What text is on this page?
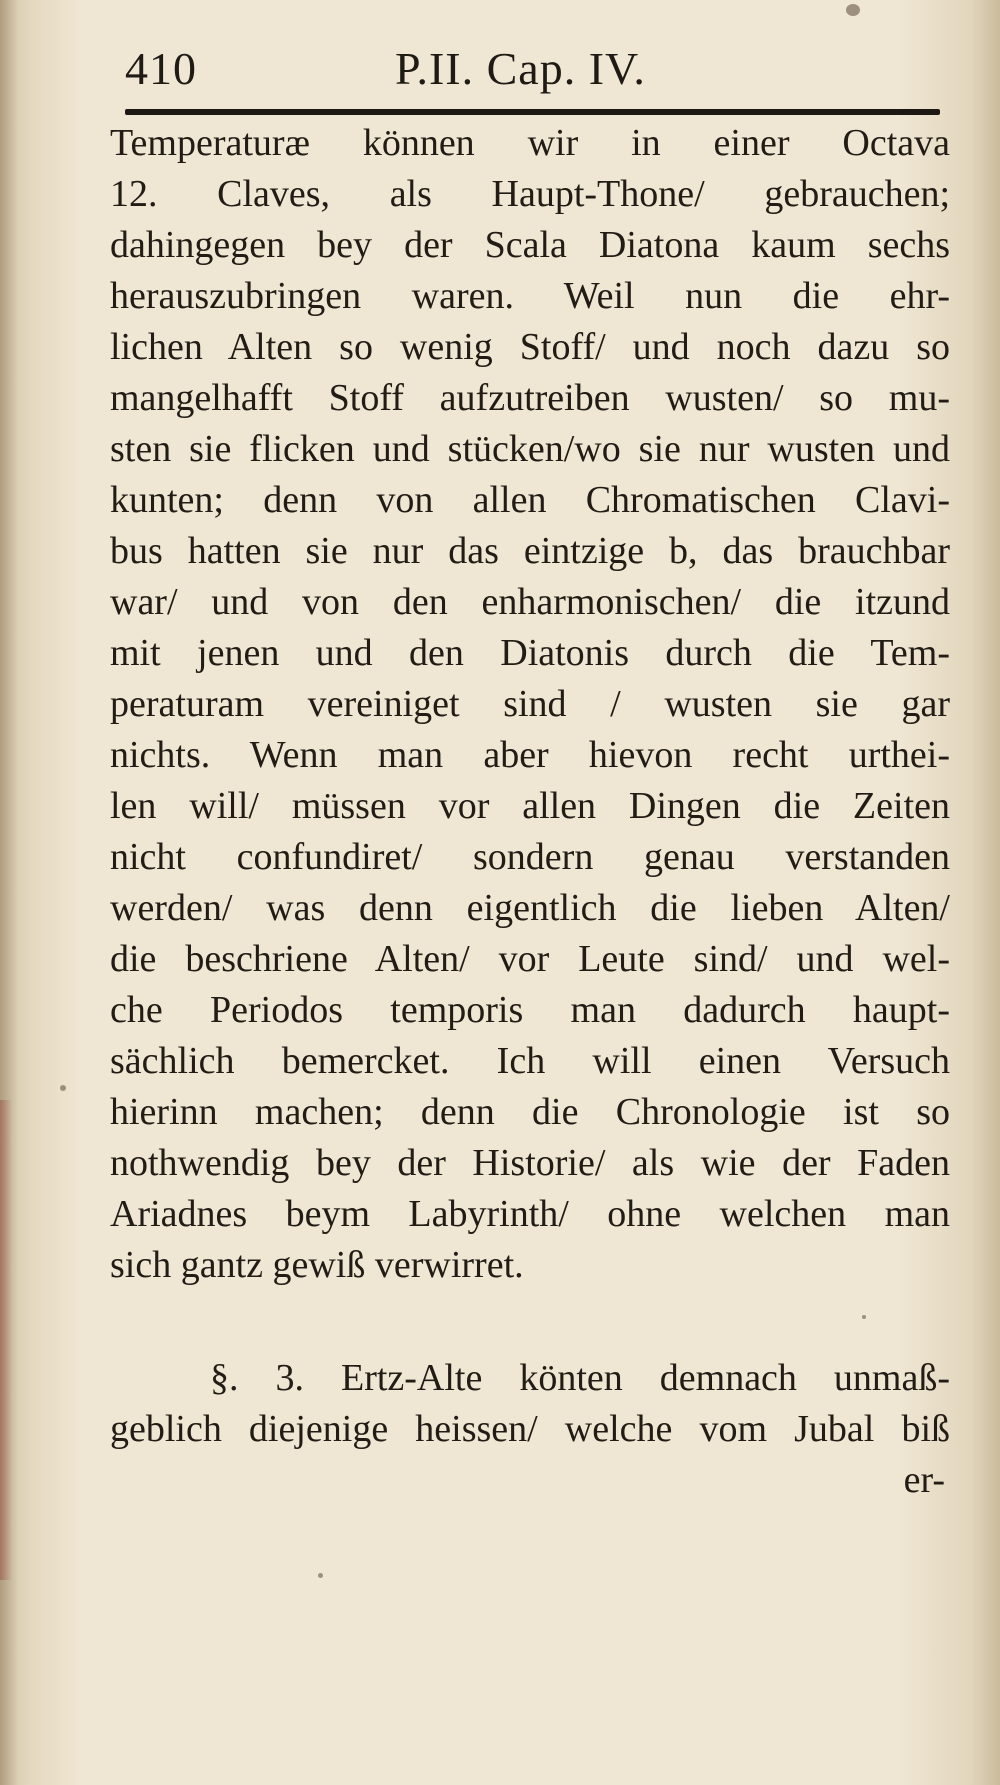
410	P.II. Cap. IV.
Temperaturæ können wir in einer Octava
12. Claves, als Haupt-Thone/ gebrauchen;
dahingegen bey der Scala Diatona kaum sechs
herauszubringen waren. Weil nun die ehr-
lichen Alten so wenig Stoff/ und noch dazu so
mangelhafft Stoff aufzutreiben wusten/ so mu-
sten sie flicken und stücken/wo sie nur wusten und
kunten; denn von allen Chromatischen Clavi-
bus hatten sie nur das eintzige b, das brauchbar
war/ und von den enharmonischen/ die itzund
mit jenen und den Diatonis durch die Tem-
peraturam vereiniget sind / wusten sie gar
nichts. Wenn man aber hievon recht urthei-
len will/ müssen vor allen Dingen die Zeiten
nicht confundiret/ sondern genau verstanden
werden/ was denn eigentlich die lieben Alten/
die beschriene Alten/ vor Leute sind/ und wel-
che Periodos temporis man dadurch haupt-
sächlich bemercket. Ich will einen Versuch
hierinn machen; denn die Chronologie ist so
nothwendig bey der Historie/ als wie der Faden
Ariadnes beym Labyrinth/ ohne welchen man
sich gantz gewiß verwirret.
§. 3. Ertz-Alte könten demnach unmaß-
geblich diejenige heissen/ welche vom Jubal biß
er-
